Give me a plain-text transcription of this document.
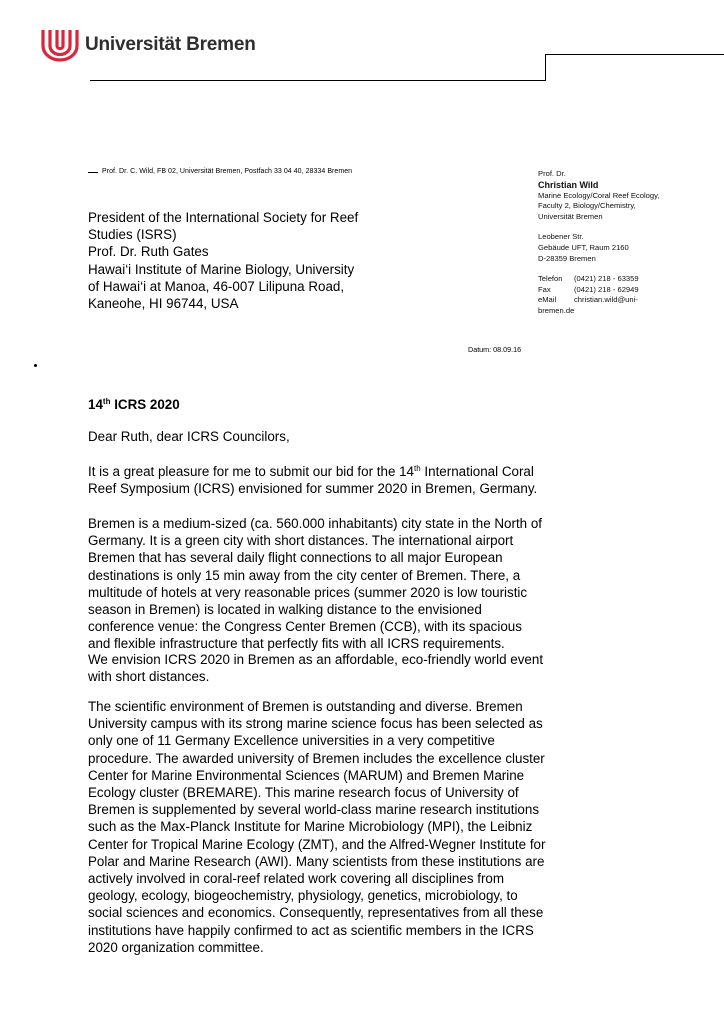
Universität Bremen
Prof. Dr. C. Wild, FB 02, Universität Bremen, Postfach 33 04 40, 28334 Bremen
President of the International Society for Reef
Studies (ISRS)
Prof. Dr. Ruth Gates
Hawai‘i Institute of Marine Biology, University
of Hawai‘i at Manoa, 46-007 Lilipuna Road,
Kaneohe, HI 96744, USA
Prof. Dr.
Christian Wild
Marine Ecology/Coral Reef Ecology,
Faculty 2, Biology/Chemistry,
Universität Bremen
Leobener Str.
Gebäude UFT, Raum 2160
D-28359 Bremen
Telefon	(0421) 218 - 63359
Fax	(0421) 218 - 62949
eMail	christian.wild@uni-
bremen.de
Datum: 08.09.16
14th ICRS 2020
Dear Ruth, dear ICRS Councilors,
It is a great pleasure for me to submit our bid for the 14th International Coral
Reef Symposium (ICRS) envisioned for summer 2020 in Bremen, Germany.
Bremen is a medium-sized (ca. 560.000 inhabitants) city state in the North of
Germany. It is a green city with short distances. The international airport
Bremen that has several daily flight connections to all major European
destinations is only 15 min away from the city center of Bremen. There, a
multitude of hotels at very reasonable prices (summer 2020 is low touristic
season in Bremen) is located in walking distance to the envisioned
conference venue: the Congress Center Bremen (CCB), with its spacious
and flexible infrastructure that perfectly fits with all ICRS requirements.
We envision ICRS 2020 in Bremen as an affordable, eco-friendly world event
with short distances.
The scientific environment of Bremen is outstanding and diverse. Bremen
University campus with its strong marine science focus has been selected as
only one of 11 Germany Excellence universities in a very competitive
procedure. The awarded university of Bremen includes the excellence cluster
Center for Marine Environmental Sciences (MARUM) and Bremen Marine
Ecology cluster (BREMARE). This marine research focus of University of
Bremen is supplemented by several world-class marine research institutions
such as the Max-Planck Institute for Marine Microbiology (MPI), the Leibniz
Center for Tropical Marine Ecology (ZMT), and the Alfred-Wegner Institute for
Polar and Marine Research (AWI). Many scientists from these institutions are
actively involved in coral-reef related work covering all disciplines from
geology, ecology, biogeochemistry, physiology, genetics, microbiology, to
social sciences and economics. Consequently, representatives from all these
institutions have happily confirmed to act as scientific members in the ICRS
2020 organization committee.
